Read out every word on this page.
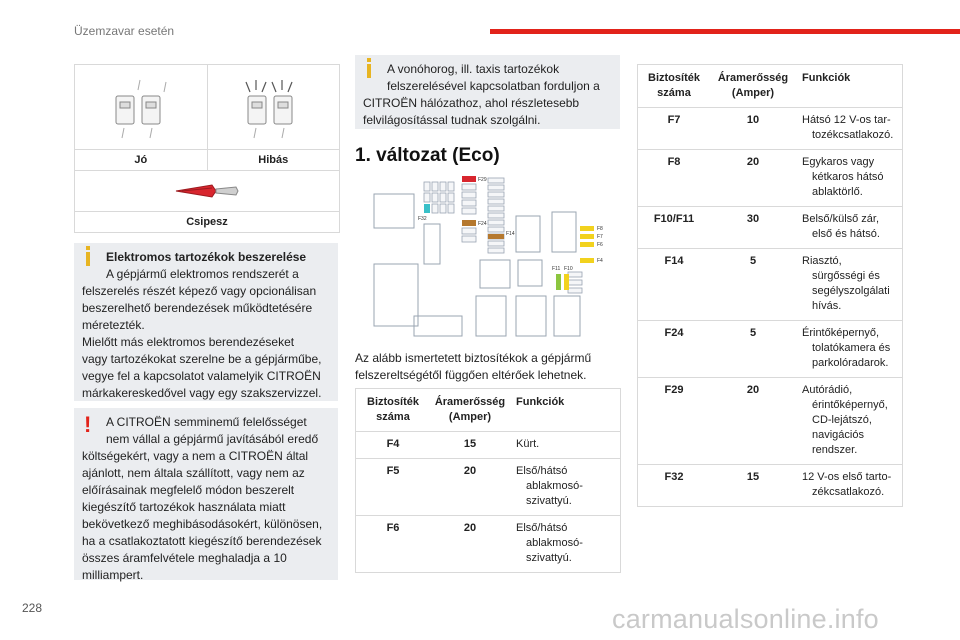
Üzemzavar esetén
Jó	Hibás
Csipesz

Elektromos tartozékok beszerelése

A gépjármű elektromos rendszerét a

felszerelés részét képező vagy opcionálisan

beszerelhető berendezések működtetésére

méretezték.

Mielőtt más elektromos berendezéseket

vagy tartozékokat szerelne be a gépjárműbe,

vegye fel a kapcsolatot valamelyik CITROËN

márkakereskedővel vagy egy szakszervizzel.

!	A CITROËN semminemű felelősséget

nem vállal a gépjármű javításából eredő

költségekért, vagy a nem a CITROËN által

ajánlott, nem általa szállított, vagy nem az

előírásainak megfelelő módon beszerelt

kiegészítő tartozékok használata miatt

bekövetkező meghibásodásokért, különösen,

ha a csatlakoztatott kiegészítő berendezések

összes áramfelvétele meghaladja a 10

milliampert.

A vonóhorog, ill. taxis tartozékok

felszerelésével kapcsolatban forduljon a

CITROËN hálózathoz, ahol részletesebb

felvilágosítással tudnak szolgálni.

1. változat (Eco)
F29
F32
F24
F14
F8
F7
F6
F4
F11 F10
Az alább ismertetett biztosítékok a gépjármű
felszereltségétől függően eltérőek lehetnek.
Biztosíték
száma	Áramerősség
(Amper)	Funkciók
F4	15	Kürt.

F5	20	Első/hátsó
ablakmosó-
szivattyú.

F6	20	Első/hátsó
ablakmosó-
szivattyú.
Biztosíték
száma	Áramerősség
(Amper)	Funkciók
F7	10	Hátsó 12 V-os tar-
tozékcsatlakozó.

F8	20	Egykaros vagy
kétkaros hátsó
ablaktörlő.

F10/F11	30	Belső/külső zár,
első és hátsó.

F14	5	Riasztó,
sürgősségi és
segélyszolgálati
hívás.

F24	5	Érintőképernyő,
tolatókamera és
parkolóradarok.

F29	20	Autórádió,
érintőképernyő,
CD-lejátszó,
navigációs
rendszer.

F32	15	12 V-os első tarto-
zékcsatlakozó.
228	carmanualsonline.info
